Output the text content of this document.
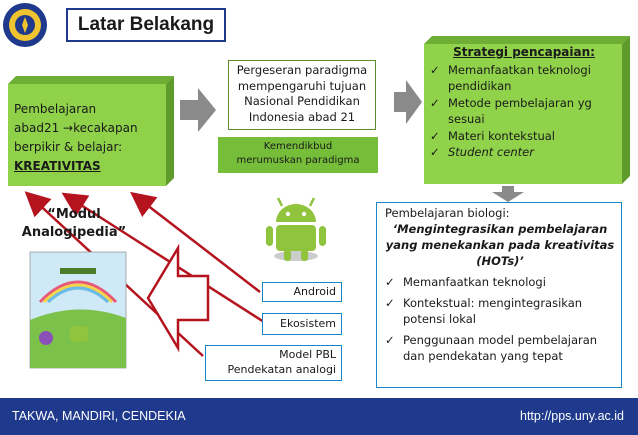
Latar Belakang
Pembelajaran
abad21 →kecakapan
berpikir & belajar:
KREATIVITAS
Pergeseran paradigma
mempengaruhi tujuan
Nasional Pendidikan
Indonesia abad 21
Kemendikbud
merumuskan paradigma
Strategi pencapaian:
✓ Memanfaatkan teknologi pendidikan
✓ Metode pembelajaran yg sesuai
✓ Materi kontekstual
✓ Student center
Pembelajaran biologi:
‘Mengintegrasikan pembelajaran yang menekankan pada kreativitas (HOTs)’
✓ Memanfaatkan teknologi
✓ Kontekstual: mengintegrasikan potensi lokal
✓ Penggunaan model pembelajaran dan pendekatan yang tepat
Android
Ekosistem
Model PBL
Pendekatan analogi
“Modul
Analogipedia”
TAKWA, MANDIRI, CENDEKIA	http://pps.uny.ac.id
